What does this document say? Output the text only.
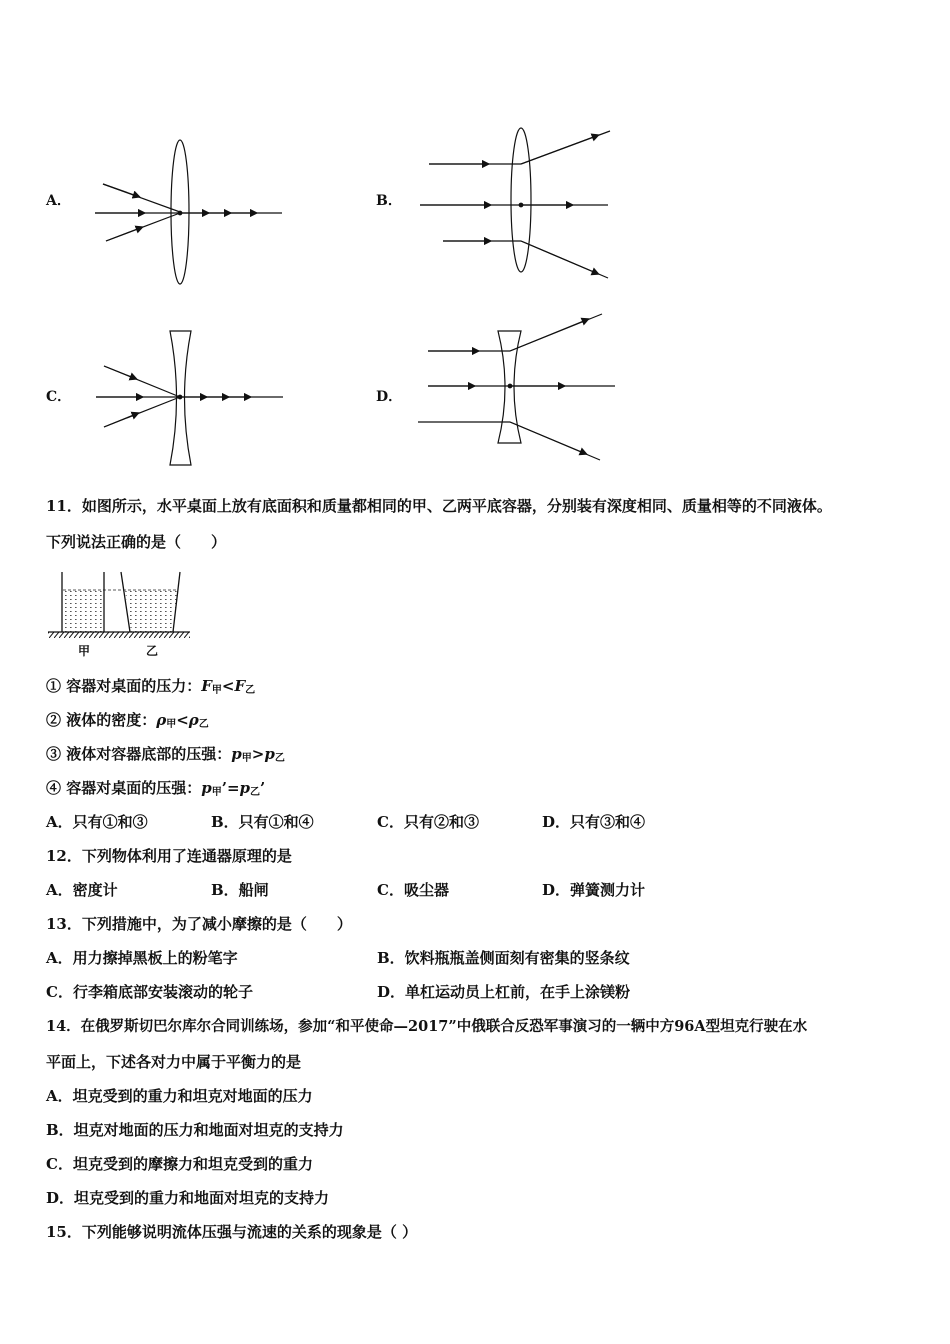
A．	B．
C．	D．
11．如图所示，水平桌面上放有底面积和质量都相同的甲、乙两平底容器，分别装有深度相同、质量相等的不同液体。
下列说法正确的是（　　）
甲	乙
① 容器对桌面的压力：$F_甲<F_乙$
② 液体的密度：$\rho_甲<\rho_乙$
③ 液体对容器底部的压强：$p_甲>p_乙$
④ 容器对桌面的压强：$p_甲’=p_乙$’
A．只有①和③	B．只有①和④	C．只有②和③	D．只有③和④
12．下列物体利用了连通器原理的是
A．密度计	B．船闸	C．吸尘器	D．弹簧测力计
13．下列措施中，为了减小摩擦的是（　　）
A．用力擦掉黑板上的粉笔字	B．饮料瓶瓶盖侧面刻有密集的竖条纹
C．行李箱底部安装滚动的轮子	D．单杠运动员上杠前，在手上涂镁粉
14．在俄罗斯切巴尔库尔合同训练场，参加“和平使命—2017”中俄联合反恐军事演习的一辆中方96A型坦克行驶在水
平面上，下述各对力中属于平衡力的是
A．坦克受到的重力和坦克对地面的压力
B．坦克对地面的压力和地面对坦克的支持力
C．坦克受到的摩擦力和坦克受到的重力
D．坦克受到的重力和地面对坦克的支持力
15．下列能够说明流体压强与流速的关系的现象是（ ）
